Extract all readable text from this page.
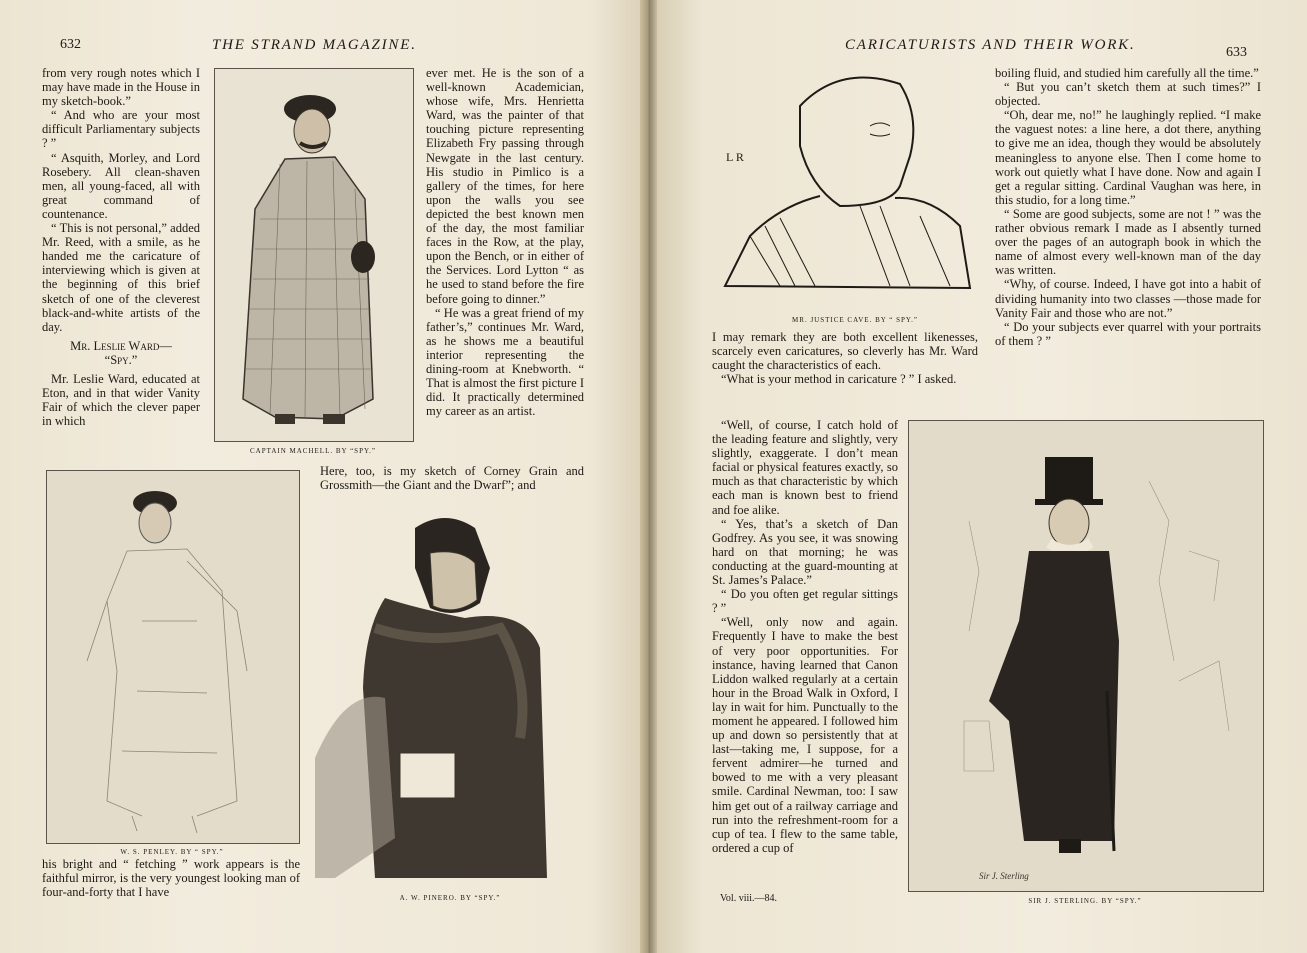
632	THE STRAND MAGAZINE.

from very rough notes which I may have made in the House in my sketch-book.”

“ And who are your most difficult Parliamentary subjects ? ”

“ Asquith, Morley, and Lord Rosebery. All clean-shaven men, all young-faced, all with great command of countenance.

“ This is not personal,” added Mr. Reed, with a smile, as he handed me the caricature of interviewing which is given at the beginning of this brief sketch of one of the cleverest black-and-white artists of the day.

Mr. Leslie Ward—
“Spy.”

Mr. Leslie Ward, educated at Eton, and in that wider Vanity Fair of which the clever paper in which

CAPTAIN MACHELL. BY “SPY.”

ever met. He is the son of a well-known Academician, whose wife, Mrs. Henrietta Ward, was the painter of that touching picture representing Elizabeth Fry passing through Newgate in the last century. His studio in Pimlico is a gallery of the times, for here upon the walls you see depicted the best known men of the day, the most familiar faces in the Row, at the play, upon the Bench, or in either of the Services. Lord Lytton “ as he used to stand before the fire before going to dinner.”

“ He was a great friend of my father’s,” continues Mr. Ward, as he shows me a beautiful interior representing the dining-room at Knebworth. “ That is almost the first picture I did. It practically determined my career as an artist.

Here, too, is my sketch of Corney Grain and Grossmith—the Giant and the Dwarf”; and

W. S. PENLEY. BY “ SPY.”
A. W. PINERO. BY “SPY.”

his bright and “ fetching ” work appears is the faithful mirror, is the very youngest looking man of four-and-forty that I have

CARICATURISTS AND THEIR WORK.	633
L R
MR. JUSTICE CAVE. BY “ SPY.”

I may remark they are both excellent likenesses, scarcely even caricatures, so cleverly has Mr. Ward caught the characteristics of each.

“What is your method in caricature ? ” I asked.

“Well, of course, I catch hold of the leading feature and slightly, very slightly, exaggerate. I don’t mean facial or physical features exactly, so much as that characteristic by which each man is known best to friend and foe alike.

“ Yes, that’s a sketch of Dan Godfrey. As you see, it was snowing hard on that morning; he was conducting at the guard-mounting at St. James’s Palace.”

“ Do you often get regular sittings ? ”

“Well, only now and again. Frequently I have to make the best of very poor opportunities. For instance, having learned that Canon Liddon walked regularly at a certain hour in the Broad Walk in Oxford, I lay in wait for him. Punctually to the moment he appeared. I followed him up and down so persistently that at last—taking me, I suppose, for a fervent admirer—he turned and bowed to me with a very pleasant smile. Cardinal Newman, too: I saw him get out of a railway carriage and run into the refreshment-room for a cup of tea. I flew to the same table, ordered a cup of

Vol. viii.—84.

boiling fluid, and studied him carefully all the time.”

“ But you can’t sketch them at such times?” I objected.

“Oh, dear me, no!” he laughingly replied. “I make the vaguest notes: a line here, a dot there, anything to give me an idea, though they would be absolutely meaningless to anyone else. Then I come home to work out quietly what I have done. Now and again I get a regular sitting. Cardinal Vaughan was here, in this studio, for a long time.”

“ Some are good subjects, some are not ! ” was the rather obvious remark I made as I absently turned over the pages of an autograph book in which the name of almost every well-known man of the day was written.

“Why, of course. Indeed, I have got into a habit of dividing humanity into two classes —those made for Vanity Fair and those who are not.”

“ Do your subjects ever quarrel with your portraits of them ? ”

Sir J. Sterling
SIR J. STERLING. BY “SPY.”
